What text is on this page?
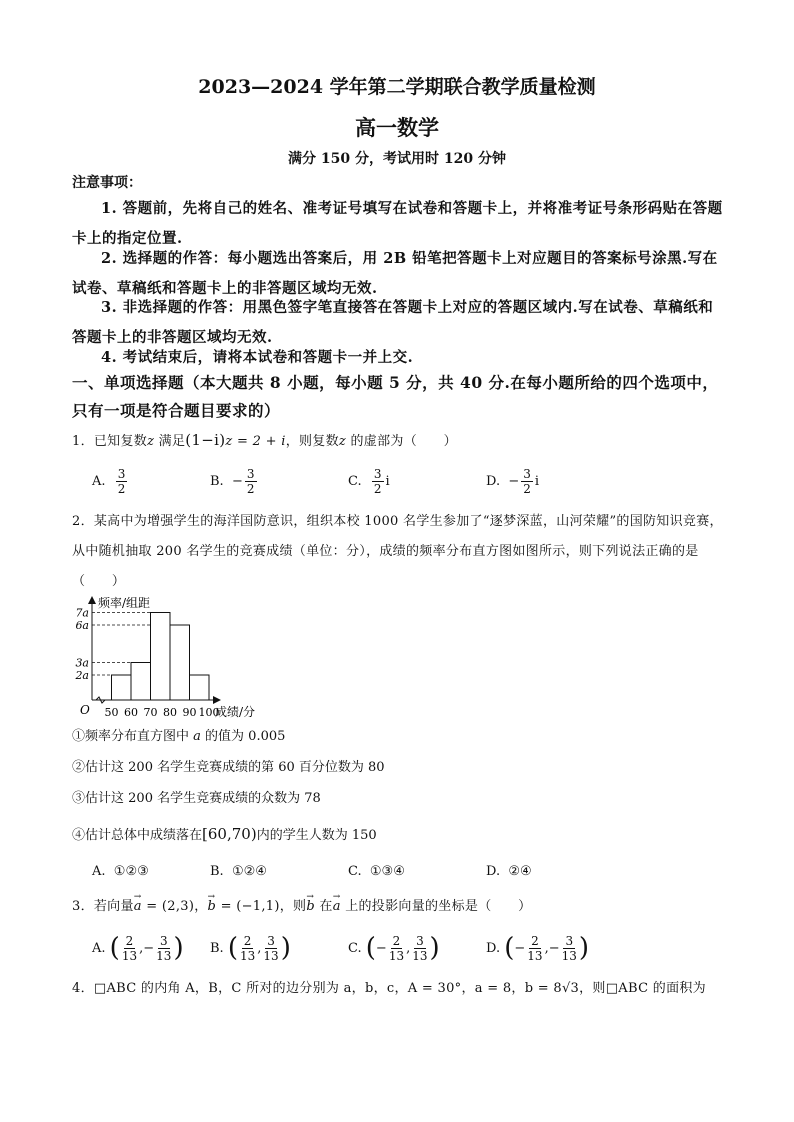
2023—2024 学年第二学期联合教学质量检测
高一数学
满分 150 分，考试用时 120 分钟
注意事项：
1. 答题前，先将自己的姓名、准考证号填写在试卷和答题卡上，并将准考证号条形码贴在答题卡上的指定位置.
2. 选择题的作答：每小题选出答案后，用 2B 铅笔把答题卡上对应题目的答案标号涂黑.写在试卷、草稿纸和答题卡上的非答题区域均无效.
3. 非选择题的作答：用黑色签字笔直接答在答题卡上对应的答题区域内.写在试卷、草稿纸和答题卡上的非答题区域均无效.
4. 考试结束后，请将本试卷和答题卡一并上交.
一、单项选择题（本大题共 8 小题，每小题 5 分，共 40 分.在每小题所给的四个选项中，只有一项是符合题目要求的）
1．已知复数z 满足(1−i)z = 2 + i，则复数z 的虚部为（　　）
A.
$\frac{3}{2}$	B.
− $\frac{3}{2}$	C.
$\frac{3}{2}$ i	D.
− $\frac{3}{2}$ i
2．某高中为增强学生的海洋国防意识，组织本校 1000 名学生参加了“逐梦深蓝，山河荣耀”的国防知识竞赛，从中随机抽取 200 名学生的竞赛成绩（单位：分），成绩的频率分布直方图如图所示，则下列说法正确的是（　　）
50 60 70 80 90 100
2a
3a
6a
7a
频率/组距
成绩/分
O
①频率分布直方图中 a 的值为 0.005
②估计这 200 名学生竞赛成绩的第 60 百分位数为 80
③估计这 200 名学生竞赛成绩的众数为 78
④估计总体中成绩落在[60,70)内的学生人数为 150
A.
①②③	B.
①②④	C.
①③④	D.
②④
3．若向量→ a = (2,3)，→ b = (−1,1)，则→ b 在→ a 上的投影向量的坐标是（　　）
A.
( $\frac{2}{13}$ , − $\frac{3}{13}$ ) B.
( $\frac{2}{13}$ , $\frac{3}{13}$ )	C.
( − $\frac{2}{13}$ , $\frac{3}{13}$ )	D.
( − $\frac{2}{13}$ , − $\frac{3}{13}$ )
4．□ABC 的内角 A，B，C 所对的边分别为 a，b，c，A = 30°，a = 8，b = 8√3，则□ABC 的面积为
